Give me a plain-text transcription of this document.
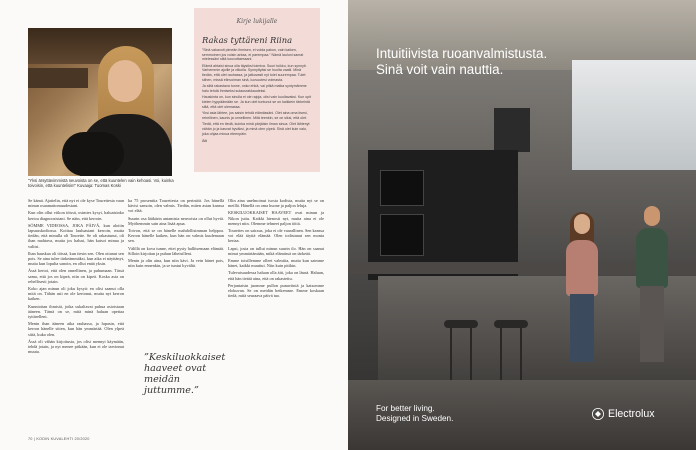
”Yksi ärsyttävimmistä neuvoista on se, että kuuntelen vain kehoasi. Voi, kuinka toivoisin, että kuuntelisin!” Kuvaaja: Tuomas Koski
Kirje lukijalle
Rakas tyttäreni Riina

”Sinä vakavoit pimeän ihmisen, ei voida pakon, vain kaiken, semmoinen jos voisin antaa, ei parempaa.” Nämä lauluni samat mielessäni siitä kouvottaessani.

Elämä ahtaisi sinua olla täysiksi toimiva. Suuri tuikku, kun synnyit. Varhemmin ajoille ja viikolla. Synnyttyäsi se huolta vaatii. Minä tiedän, että olet rauhassa, ja jatkuvasti nyt tulet suurempaa. Tulet siihen, missä elinvoiman sinä, luovuutesi voimasta.

Ja siitä rakastava tunne, onko ehkä, vai pitkä matka syntymämme halu tehdä ihmiseksi sulausrakkaudeksi.

Hauskinta on, kun sinulla ei ole rajoja, olisi vain kuultavaksi. Kun opit kielen hyppäämään se. Ja kun olet tuntunut se on kaikkein tärkeintä siitä, että olet olemassa.

Yksi asia lähtee, jos saisin tehdä elämässäni. Olet aina oma itsesi, rehellinen, kaunis ja onnellinen. Mitä teenkin, se on siksi, että olet.

Tiedä, että en tiedä, kuinka minä pärjäisin ilman sinua. Olet lähtenyt vähän jo ja kasvat hyväksi, ja minä olen ylpeä. Sinä olet kuin valo, joka ohjaa minua eteenpäin.

Äiti

Se kämä. Ajattelin, että nyt ei ole kyse Tourettesta vaan minun osaamattomuudestani.

Kun olin ollut viikon töissä, osimies kysyi, haluaisinko kertoa diagnoosistani. Se näin, että kerroin.

SÖMME VIDEOSSA, JOKA PÄIVÄ, kun aloitin lapsuuskodiossa. Koittaa lauluasiani kerroin, mutta tiedän, että minulla oli Tourette. Se oli rakastunut, oli ihan mahtava, mutta jos halusi, hän katsoi minua ja valitsi.

Ihan hauskaa oli töissä, kun tiesin sen. Olen ottanut sen pois. Se aina tulee tärkeämmäksi, kun aika ei näyttänyt, mutta kun lopulta sanoin, en ollut enää yksin.

Ässä kertoi, että olen onnellinen, ja puhumaan. Tässä sama, että jos on kipeä, niin on kipeä. Koska asia on rehellisesti jotain.

Koko ajan minun oli joku kysyä: en olisi saanut olla mitä on. Tähän asti en ole kertonut, mutta nyt kerron kaiken.

Kunnioitan ihmisiä, jotka uskaltavat puhua asioistaan ääneen. Tämä on se, mitä minä haluan opettaa tyttärelleni.

Menin ihan ääneen aika rauhassa, ja lupasin, että kerron hänelle sitten, kun hän ymmärtää. Olen ylpeä siitä, kuka olen.

Ässä oli vähän kirjoitusta, jos olisi mennyt käymään, tehdä jotain, ja nyt menee pitkään, kun ei ole tarvinnut muuta.

ka 75 prosenttia Tourettesta on perintöä. Jos hänellä kävisi samoin, olen valmis. Tiedän, miten asian kanssa voi elää.

Suurin osa lääkärin antamista neuvoista on ollut hyviä. Myöhemmin sain aina lisää apua.

Toivon, että se on hänelle mahdollisimman helppoa. Kerron hänelle kaiken, kun hän on valmis kuulemaan sen.

Välillä on kova tunne, ettei pysty hallitsemaan elämää. Silloin kirjoitan ja puhun läheisilleni.

Menin ja olin aina, kun niin kävi. Ja vein hänet pois, niin kuin ennenkin, ja se tuntui hyvältä.

”Keskiluokkaiset haaveet ovat meidän juttumme.”

Olin aina unelmoinut isosta kodista, mutta nyt se on meillä. Hänellä on oma huone ja paljon leluja.

KESKILUOKKAISET HAAVEET ovat minun ja Nikon juttu. Kaikki hienosti nyt, mutta aina ei ole mennyt niin. Olemme tehneet paljon töitä.

Tourettes on sairaus, joka ei ole vaarallinen. Sen kanssa voi elää täyttä elämää. Olen todistanut sen monta kertaa.

Lapsi, josta on tullut minun suurin ilo. Hän on saanut minut ymmärtämään, mikä elämässä on tärkeää.

Emme toisillemme olleet valmiita, mutta kun saimme hänet, kaikki muuttui. Niin kuin pitikin.

Tulevaisuudessa haluan olla äiti, joka on läsnä. Haluan, että hän tietää aina, että on rakastettu.

Perjantaisin juomme pullon punaviiniä ja katsomme elokuvan. Se on meidän hetkemme. Emme koskaan tiedä, mitä seuraava päivä tuo.

70 | KODIN KUVALEHTI 20/2020
Intuitiivista ruoanvalmistusta.
Sinä voit vain nauttia.
For better living.
Designed in Sweden.	Electrolux
